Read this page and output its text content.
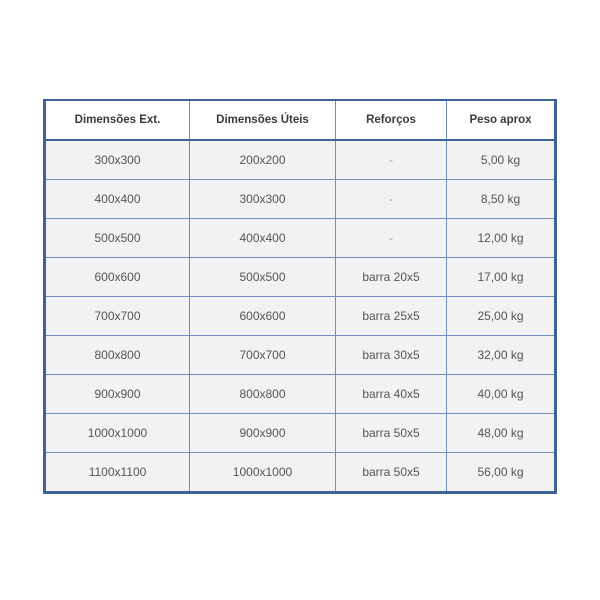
Dimensões Ext.	Dimensões Úteis	Reforços	Peso aprox
300x300	200x200	-	5,00 kg
400x400	300x300	-	8,50 kg
500x500	400x400	-	12,00 kg
600x600	500x500	barra 20x5	17,00 kg
700x700	600x600	barra 25x5	25,00 kg
800x800	700x700	barra 30x5	32,00 kg
900x900	800x800	barra 40x5	40,00 kg
1000x1000	900x900	barra 50x5	48,00 kg
1100x1100	1000x1000	barra 50x5	56,00 kg
